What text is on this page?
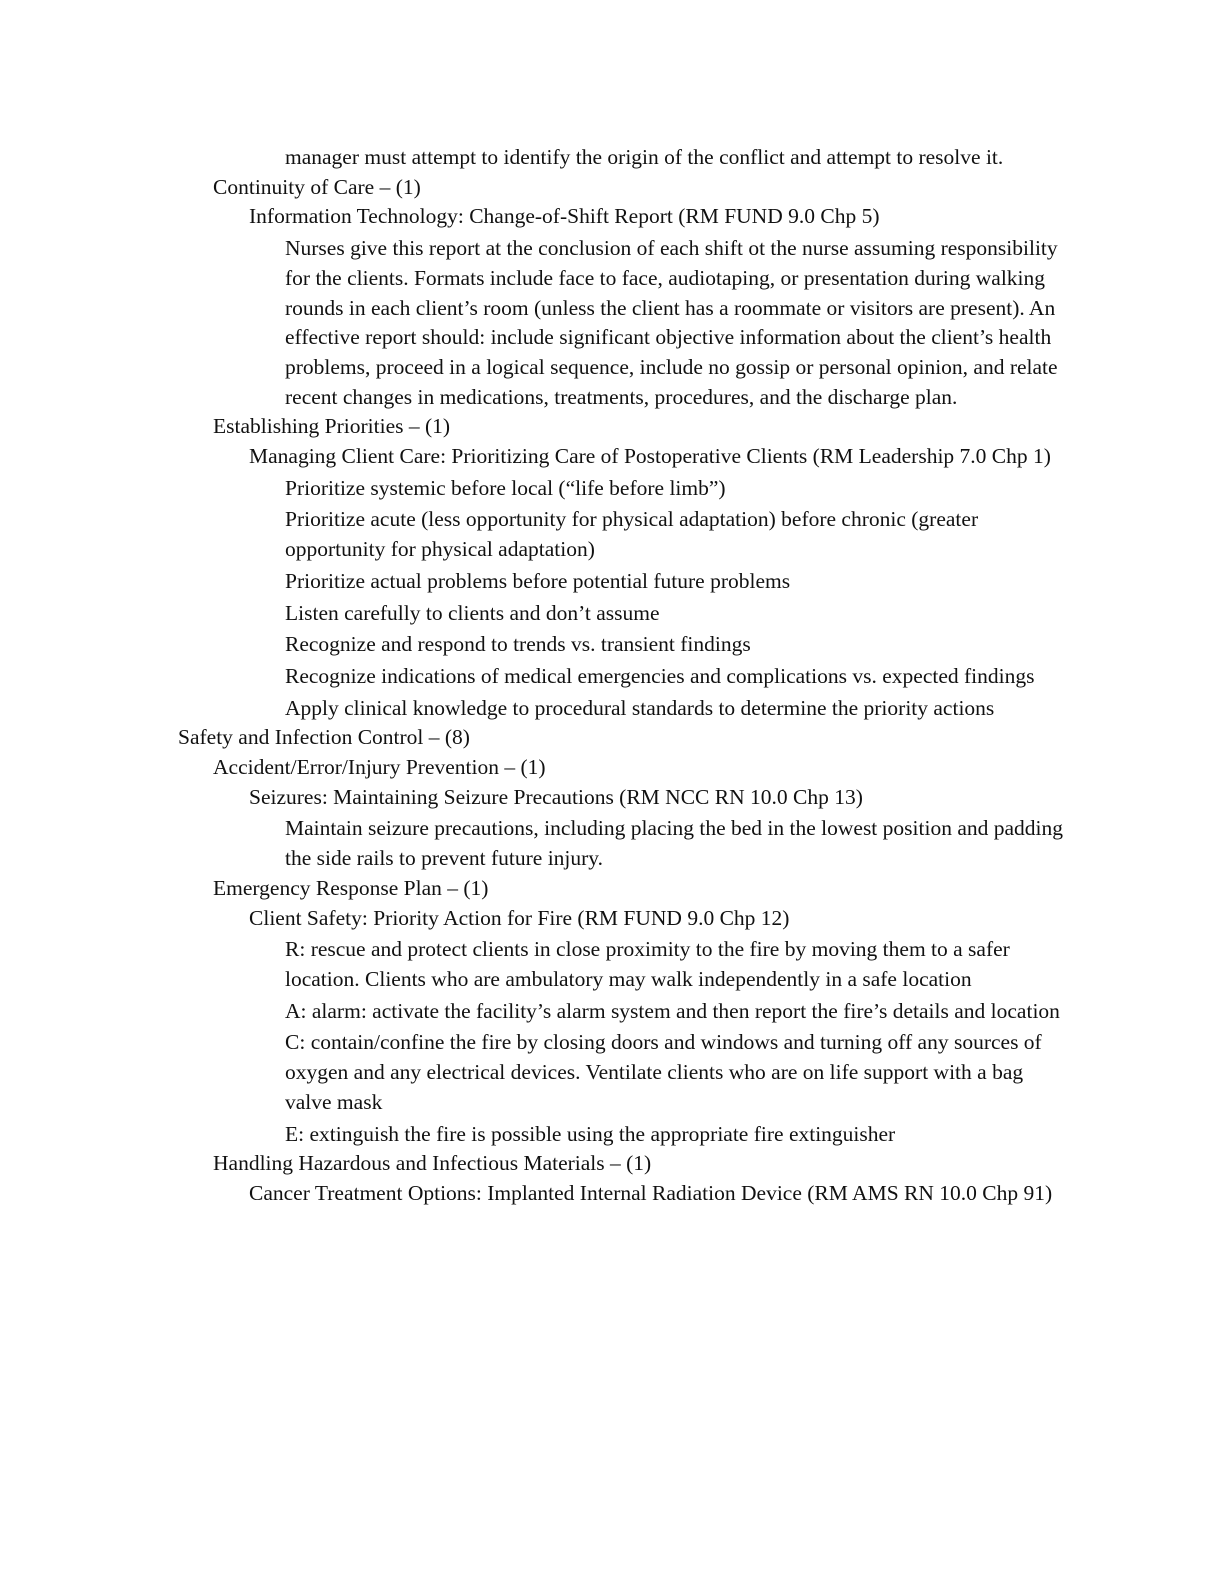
manager must attempt to identify the origin of the conflict and attempt to resolve it.
Continuity of Care – (1)
Information Technology: Change-of-Shift Report (RM FUND 9.0 Chp 5)
Nurses give this report at the conclusion of each shift ot the nurse assuming responsibility for the clients. Formats include face to face, audiotaping, or presentation during walking rounds in each client’s room (unless the client has a roommate or visitors are present). An effective report should: include significant objective information about the client’s health problems, proceed in a logical sequence, include no gossip or personal opinion, and relate recent changes in medications, treatments, procedures, and the discharge plan.
Establishing Priorities – (1)
Managing Client Care: Prioritizing Care of Postoperative Clients (RM Leadership 7.0 Chp 1)
Prioritize systemic before local (“life before limb”)
Prioritize acute (less opportunity for physical adaptation) before chronic (greater opportunity for physical adaptation)
Prioritize actual problems before potential future problems
Listen carefully to clients and don’t assume
Recognize and respond to trends vs. transient findings
Recognize indications of medical emergencies and complications vs. expected findings
Apply clinical knowledge to procedural standards to determine the priority actions
Safety and Infection Control – (8)
Accident/Error/Injury Prevention – (1)
Seizures: Maintaining Seizure Precautions (RM NCC RN 10.0 Chp 13)
Maintain seizure precautions, including placing the bed in the lowest position and padding the side rails to prevent future injury.
Emergency Response Plan – (1)
Client Safety: Priority Action for Fire (RM FUND 9.0 Chp 12)
R: rescue and protect clients in close proximity to the fire by moving them to a safer location. Clients who are ambulatory may walk independently in a safe location
A: alarm: activate the facility’s alarm system and then report the fire’s details and location
C: contain/confine the fire by closing doors and windows and turning off any sources of oxygen and any electrical devices. Ventilate clients who are on life support with a bag valve mask
E: extinguish the fire is possible using the appropriate fire extinguisher
Handling Hazardous and Infectious Materials – (1)
Cancer Treatment Options: Implanted Internal Radiation Device (RM AMS RN 10.0 Chp 91)
